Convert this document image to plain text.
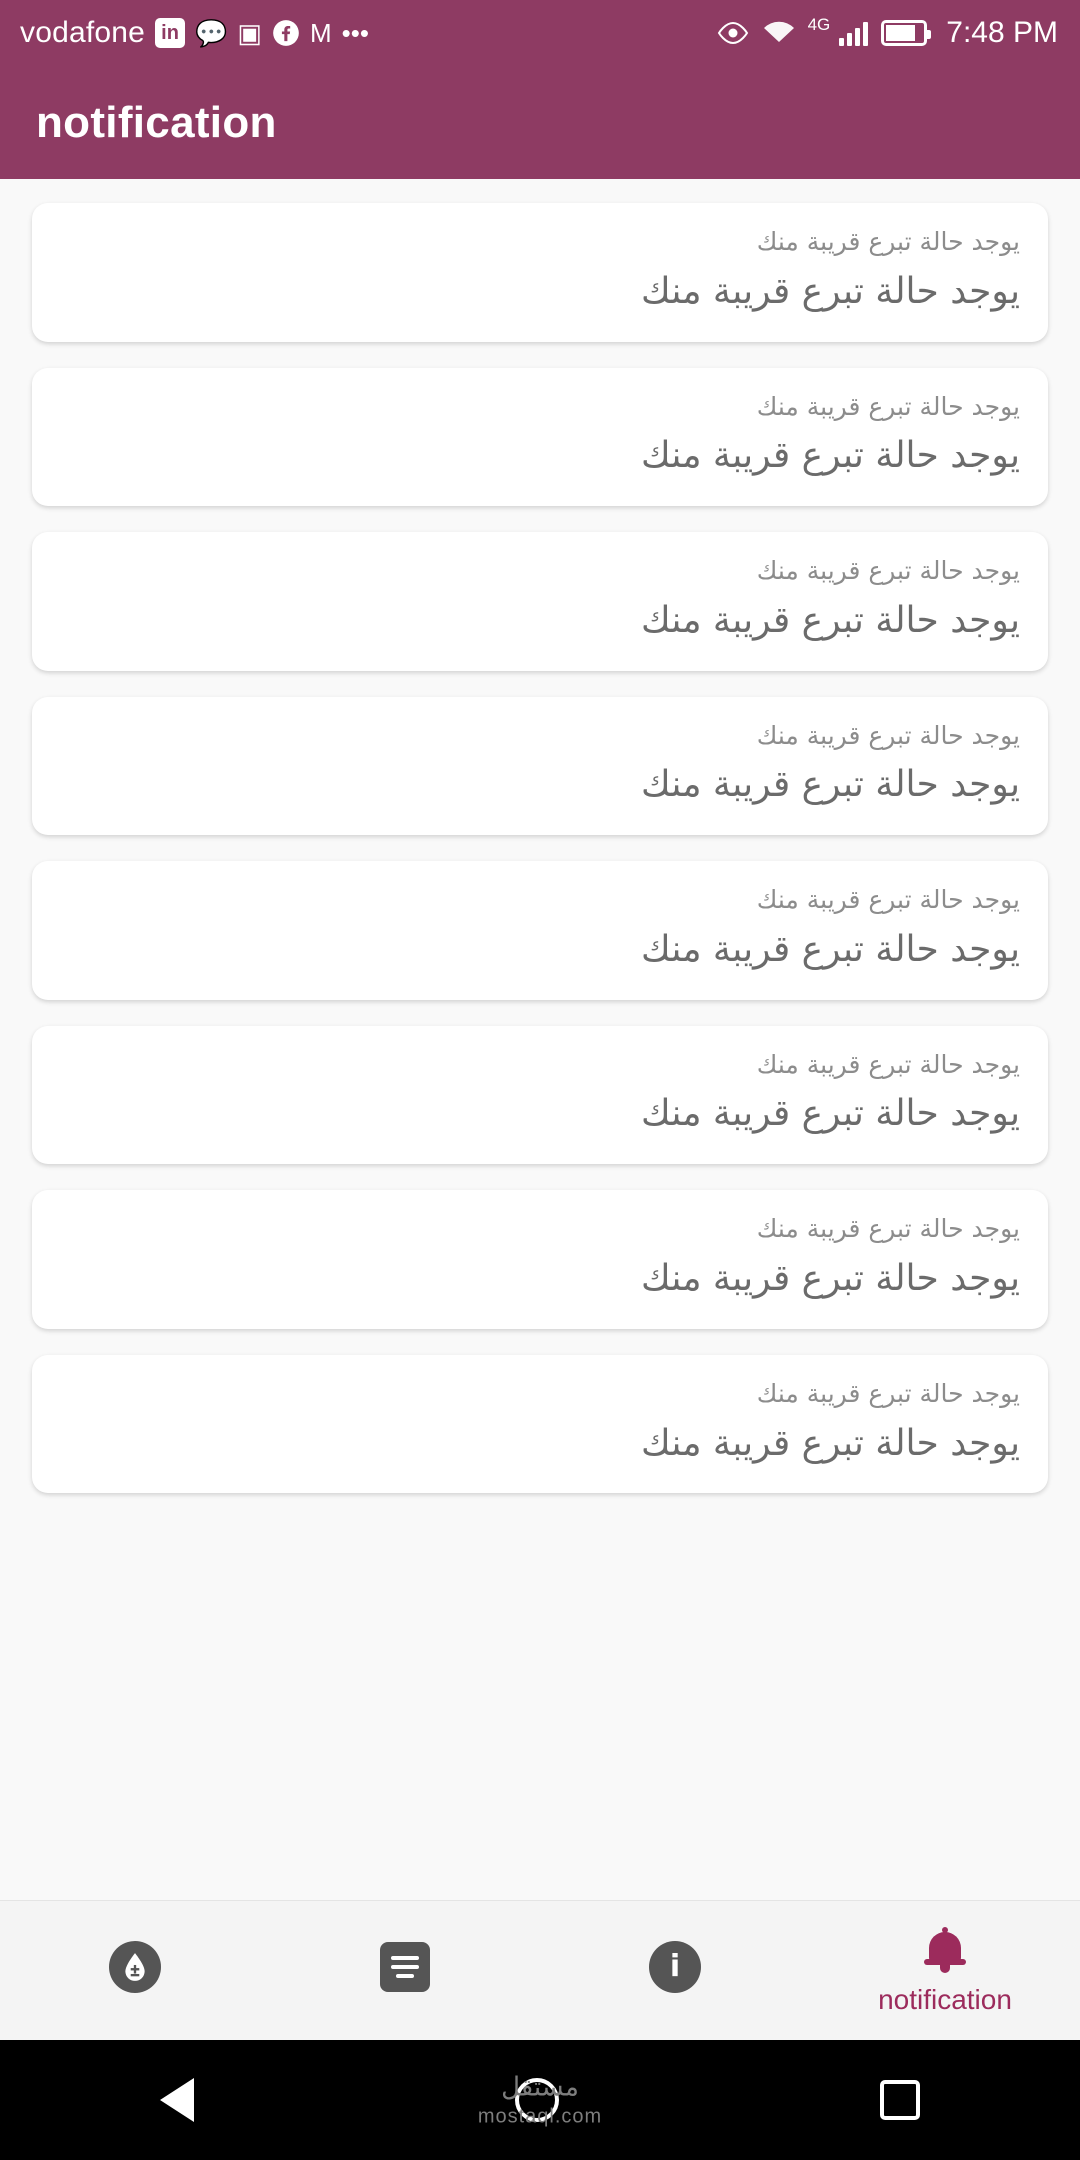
vodafone in 💬 ▣ M •••	4G	7:48 PM
notification
يوجد حالة تبرع قريبة منك
يوجد حالة تبرع قريبة منك
يوجد حالة تبرع قريبة منك
يوجد حالة تبرع قريبة منك
يوجد حالة تبرع قريبة منك
يوجد حالة تبرع قريبة منك
يوجد حالة تبرع قريبة منك
يوجد حالة تبرع قريبة منك
يوجد حالة تبرع قريبة منك
يوجد حالة تبرع قريبة منك
يوجد حالة تبرع قريبة منك
يوجد حالة تبرع قريبة منك
يوجد حالة تبرع قريبة منك
يوجد حالة تبرع قريبة منك
يوجد حالة تبرع قريبة منك
يوجد حالة تبرع قريبة منك
i
notification
مستقل
mostaql.com
